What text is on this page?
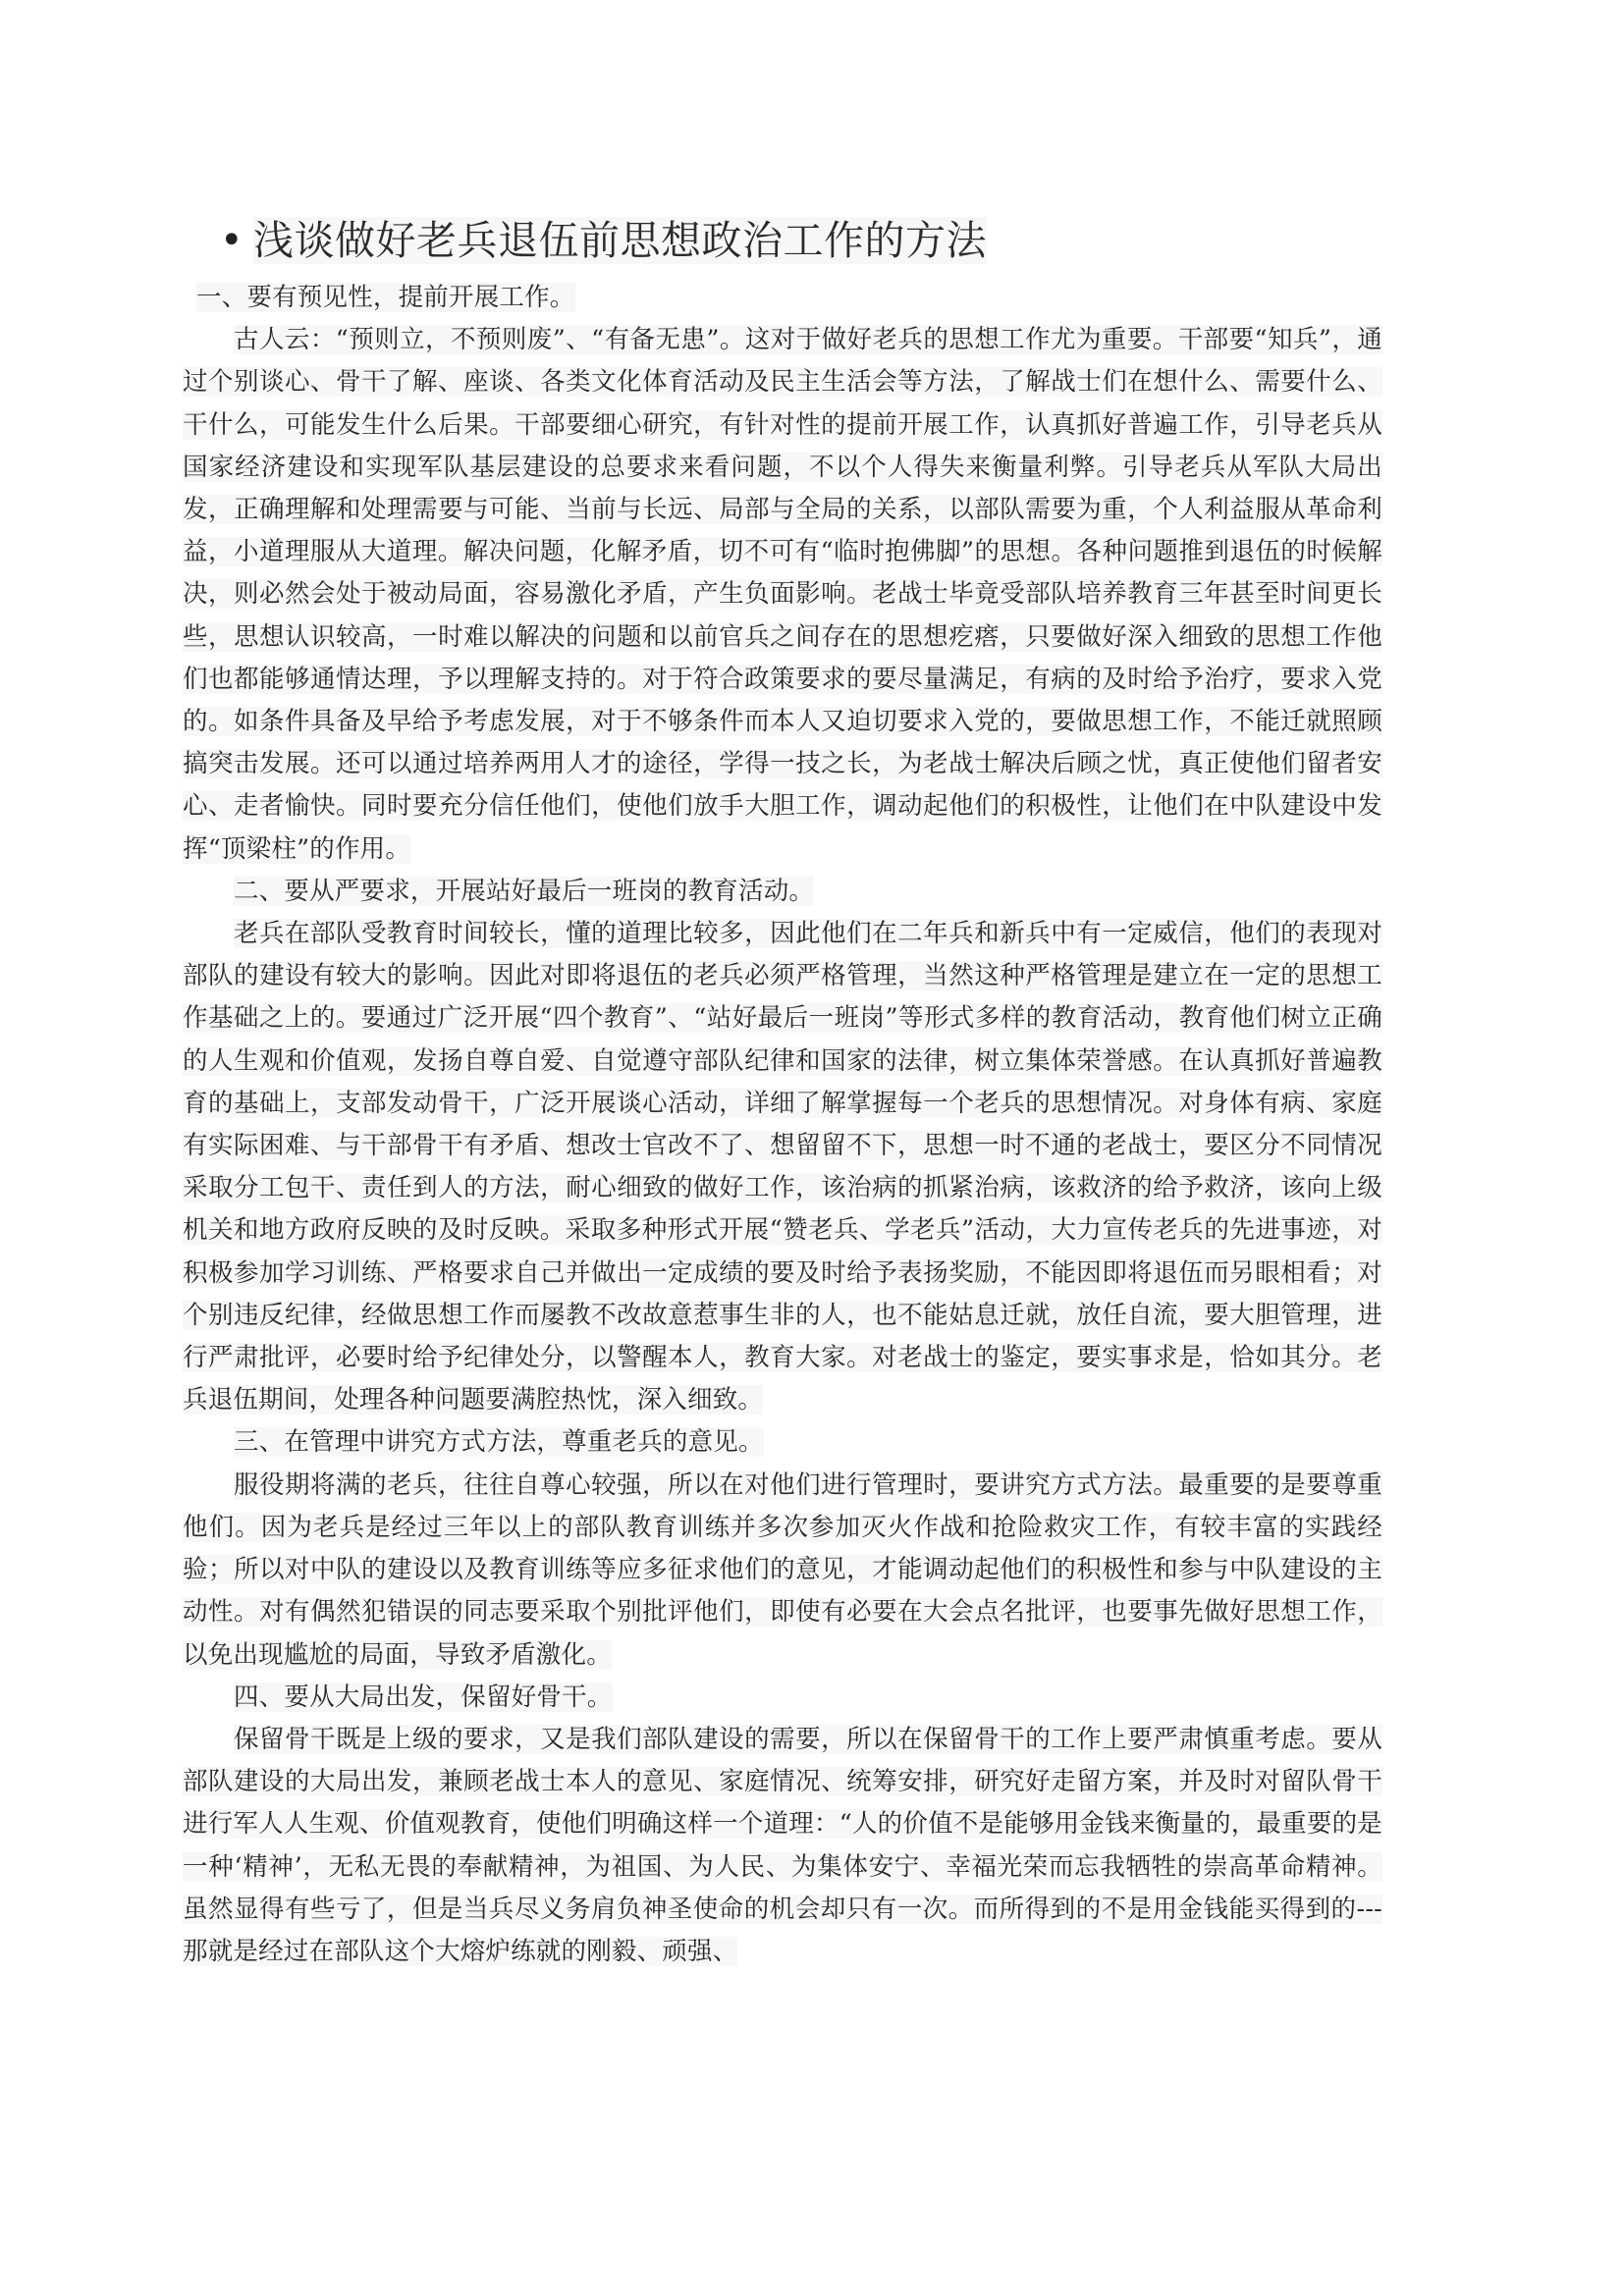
• 浅谈做好老兵退伍前思想政治工作的方法

一、要有预见性，提前开展工作。

古人云：“预则立，不预则废”、“有备无患”。这对于做好老兵的思想工作尤为重要。干部要“知兵”，通过个别谈心、骨干了解、座谈、各类文化体育活动及民主生活会等方法，了解战士们在想什么、需要什么、干什么，可能发生什么后果。干部要细心研究，有针对性的提前开展工作，认真抓好普遍工作，引导老兵从国家经济建设和实现军队基层建设的总要求来看问题，不以个人得失来衡量利弊。引导老兵从军队大局出发，正确理解和处理需要与可能、当前与长远、局部与全局的关系，以部队需要为重，个人利益服从革命利益，小道理服从大道理。解决问题，化解矛盾，切不可有“临时抱佛脚”的思想。各种问题推到退伍的时候解决，则必然会处于被动局面，容易激化矛盾，产生负面影响。老战士毕竟受部队培养教育三年甚至时间更长些，思想认识较高，一时难以解决的问题和以前官兵之间存在的思想疙瘩，只要做好深入细致的思想工作他们也都能够通情达理，予以理解支持的。对于符合政策要求的要尽量满足，有病的及时给予治疗，要求入党的。如条件具备及早给予考虑发展，对于不够条件而本人又迫切要求入党的，要做思想工作，不能迁就照顾搞突击发展。还可以通过培养两用人才的途径，学得一技之长，为老战士解决后顾之忧，真正使他们留者安心、走者愉快。同时要充分信任他们，使他们放手大胆工作，调动起他们的积极性，让他们在中队建设中发挥“顶梁柱”的作用。

二、要从严要求，开展站好最后一班岗的教育活动。

老兵在部队受教育时间较长，懂的道理比较多，因此他们在二年兵和新兵中有一定威信，他们的表现对部队的建设有较大的影响。因此对即将退伍的老兵必须严格管理，当然这种严格管理是建立在一定的思想工作基础之上的。要通过广泛开展“四个教育”、“站好最后一班岗”等形式多样的教育活动，教育他们树立正确的人生观和价值观，发扬自尊自爱、自觉遵守部队纪律和国家的法律，树立集体荣誉感。在认真抓好普遍教育的基础上，支部发动骨干，广泛开展谈心活动，详细了解掌握每一个老兵的思想情况。对身体有病、家庭有实际困难、与干部骨干有矛盾、想改士官改不了、想留留不下，思想一时不通的老战士，要区分不同情况采取分工包干、责任到人的方法，耐心细致的做好工作，该治病的抓紧治病，该救济的给予救济，该向上级机关和地方政府反映的及时反映。采取多种形式开展“赞老兵、学老兵”活动，大力宣传老兵的先进事迹，对积极参加学习训练、严格要求自己并做出一定成绩的要及时给予表扬奖励，不能因即将退伍而另眼相看；对个别违反纪律，经做思想工作而屡教不改故意惹事生非的人，也不能姑息迁就，放任自流，要大胆管理，进行严肃批评，必要时给予纪律处分，以警醒本人，教育大家。对老战士的鉴定，要实事求是，恰如其分。老兵退伍期间，处理各种问题要满腔热忱，深入细致。

三、在管理中讲究方式方法，尊重老兵的意见。

服役期将满的老兵，往往自尊心较强，所以在对他们进行管理时，要讲究方式方法。最重要的是要尊重他们。因为老兵是经过三年以上的部队教育训练并多次参加灭火作战和抢险救灾工作，有较丰富的实践经验；所以对中队的建设以及教育训练等应多征求他们的意见，才能调动起他们的积极性和参与中队建设的主动性。对有偶然犯错误的同志要采取个别批评他们，即使有必要在大会点名批评，也要事先做好思想工作，以免出现尴尬的局面，导致矛盾激化。

四、要从大局出发，保留好骨干。

保留骨干既是上级的要求，又是我们部队建设的需要，所以在保留骨干的工作上要严肃慎重考虑。要从部队建设的大局出发，兼顾老战士本人的意见、家庭情况、统筹安排，研究好走留方案，并及时对留队骨干进行军人人生观、价值观教育，使他们明确这样一个道理：“人的价值不是能够用金钱来衡量的，最重要的是一种‘精神’，无私无畏的奉献精神，为祖国、为人民、为集体安宁、幸福光荣而忘我牺牲的崇高革命精神。虽然显得有些亏了，但是当兵尽义务肩负神圣使命的机会却只有一次。而所得到的不是用金钱能买得到的---那就是经过在部队这个大熔炉练就的刚毅、顽强、
